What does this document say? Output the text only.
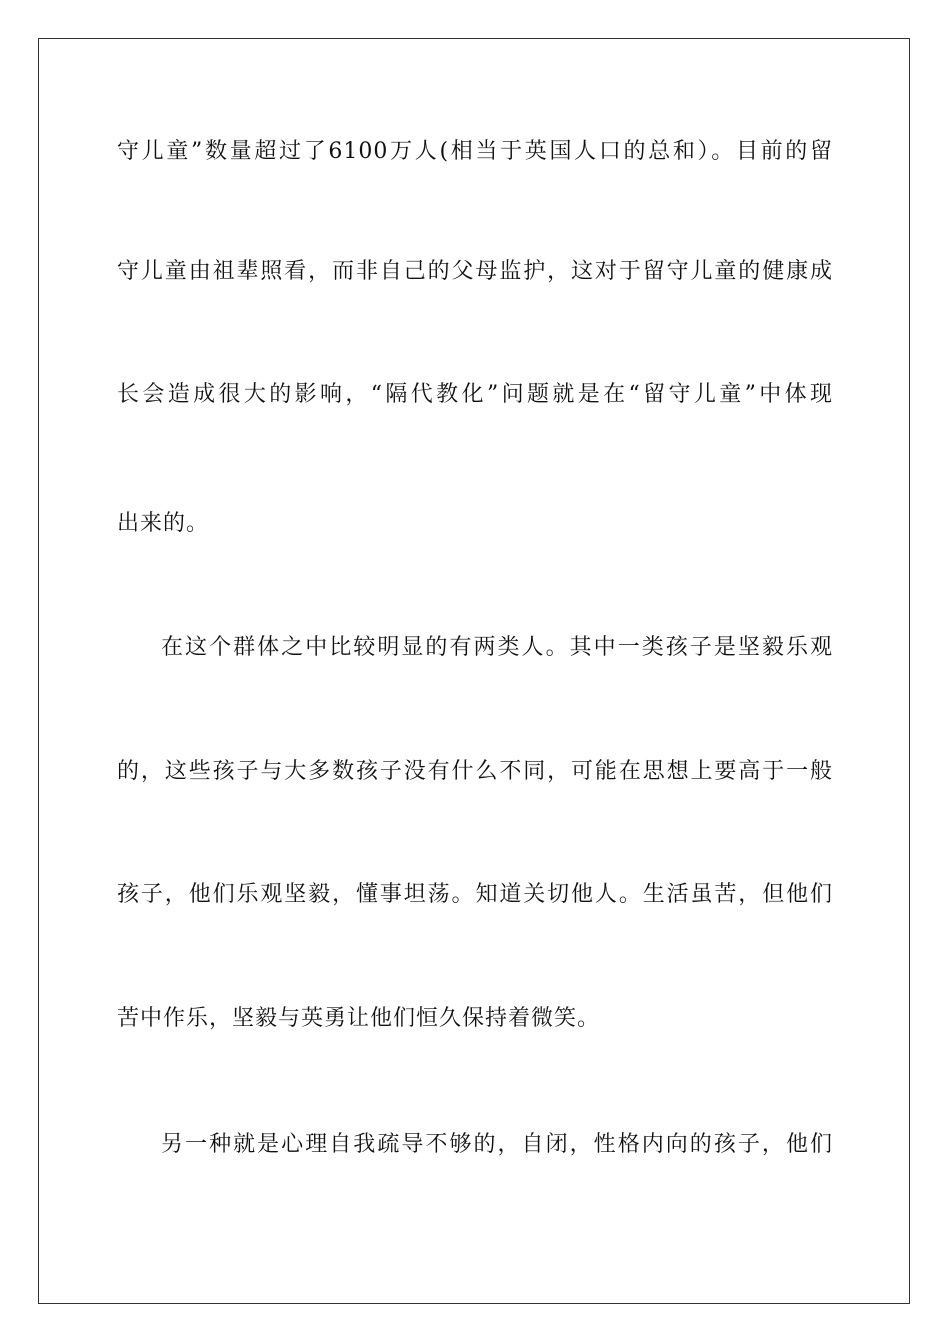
守儿童”数量超过了6100万人(相当于英国人口的总和）。目前的留
守儿童由祖辈照看，而非自己的父母监护，这对于留守儿童的健康成
长会造成很大的影响，“隔代教化”问题就是在“留守儿童”中体现
出来的。
在这个群体之中比较明显的有两类人。其中一类孩子是坚毅乐观
的，这些孩子与大多数孩子没有什么不同，可能在思想上要高于一般
孩子，他们乐观坚毅，懂事坦荡。知道关切他人。生活虽苦，但他们
苦中作乐，坚毅与英勇让他们恒久保持着微笑。
另一种就是心理自我疏导不够的，自闭，性格内向的孩子，他们
